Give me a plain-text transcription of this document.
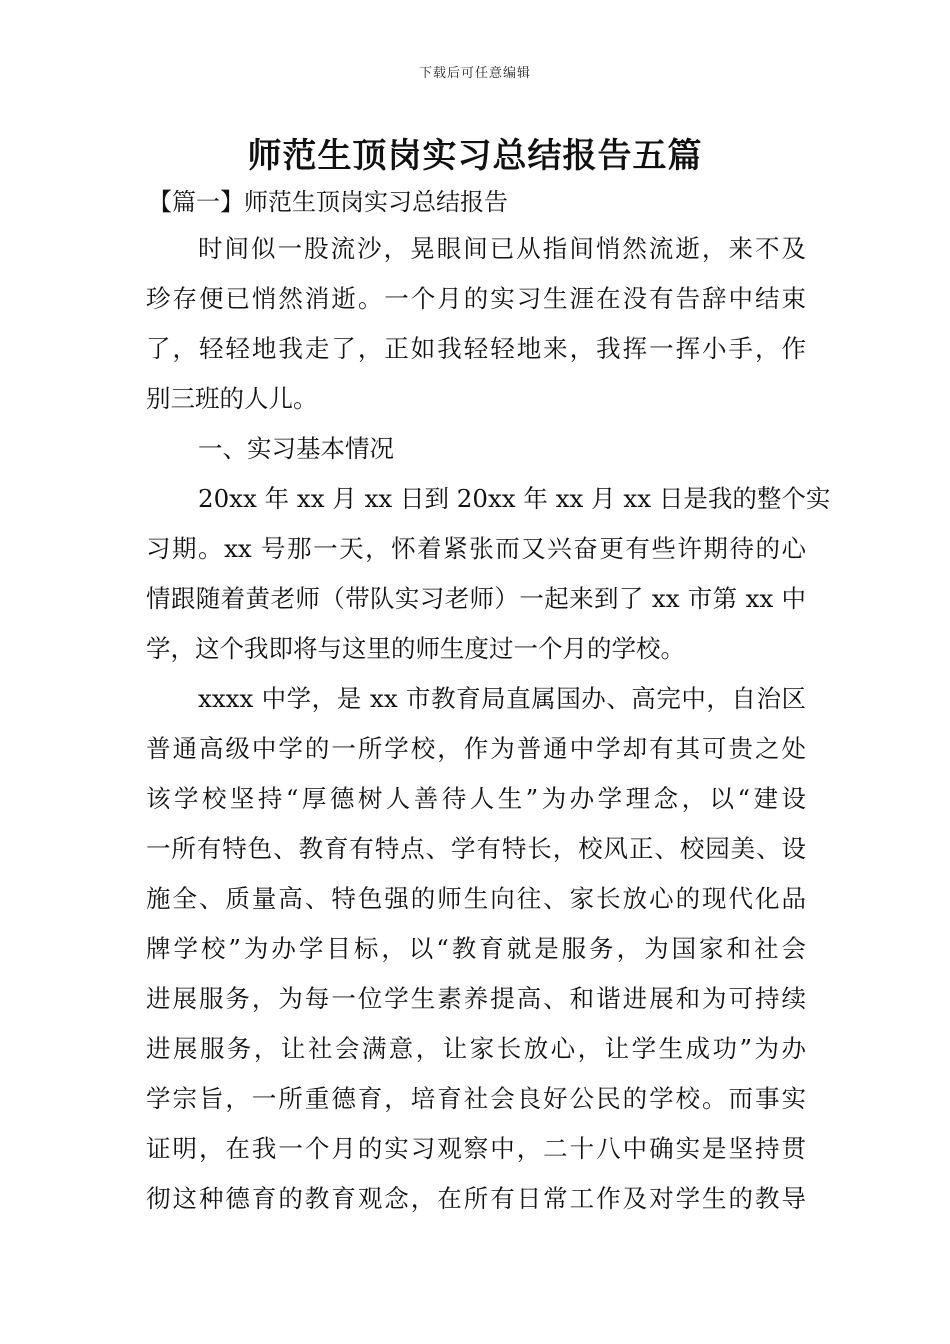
下载后可任意编辑
师范生顶岗实习总结报告五篇
【篇一】师范生顶岗实习总结报告
时间似一股流沙，晃眼间已从指间悄然流逝，来不及
珍存便已悄然消逝。一个月的实习生涯在没有告辞中结束
了，轻轻地我走了，正如我轻轻地来，我挥一挥小手，作
别三班的人儿。
一、实习基本情况
20xx 年 xx 月 xx 日到 20xx 年 xx 月 xx 日是我的整个实
习期。xx 号那一天，怀着紧张而又兴奋更有些许期待的心
情跟随着黄老师（带队实习老师）一起来到了 xx 市第 xx 中
学，这个我即将与这里的师生度过一个月的学校。
xxxx 中学，是 xx 市教育局直属国办、高完中，自治区
普通高级中学的一所学校，作为普通中学却有其可贵之处
该学校坚持“厚德树人善待人生”为办学理念，以“建设
一所有特色、教育有特点、学有特长，校风正、校园美、设
施全、质量高、特色强的师生向往、家长放心的现代化品
牌学校”为办学目标，以“教育就是服务，为国家和社会
进展服务，为每一位学生素养提高、和谐进展和为可持续
进展服务，让社会满意，让家长放心，让学生成功”为办
学宗旨，一所重德育，培育社会良好公民的学校。而事实
证明，在我一个月的实习观察中，二十八中确实是坚持贯
彻这种德育的教育观念，在所有日常工作及对学生的教导
